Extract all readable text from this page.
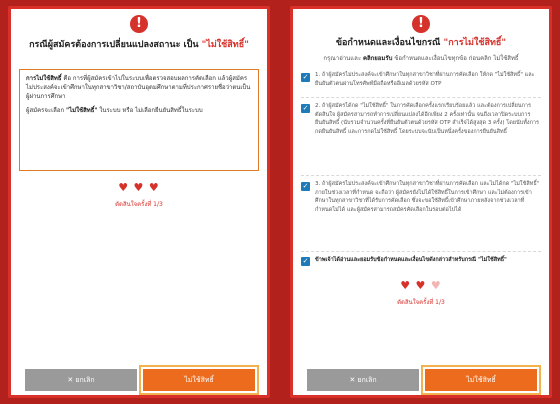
!
กรณีผู้สมัครต้องการเปลี่ยนแปลงสถานะ เป็น "ไม่ใช้สิทธิ์"

การไม่ใช้สิทธิ์ คือ การที่ผู้สมัครเข้าไปในระบบเพื่อตรวจสอบผลการคัดเลือก แล้วผู้สมัครไม่ประสงค์จะเข้าศึกษาในทุกสาขาวิชา/สถาบันอุดมศึกษาตามที่ประกาศรายชื่อว่าตนเป็นผู้ผ่านการศึกษา

ผู้สมัครจะเลือก "ไม่ใช้สิทธิ์" ในระบบ หรือ ไม่เลือกยืนยันสิทธิ์ในระบบ

♥ ♥ ♥
ตัดสินใจครั้งที่ 1/3
✕ ยกเลิก	ไม่ใช้สิทธิ์
!
ข้อกำหนดและเงื่อนไขกรณี "การไม่ใช้สิทธิ์"
กรุณาอ่านและ คลิกยอมรับ ข้อกำหนดและเงื่อนไขทุกข้อ ก่อนคลิก ไม่ใช้สิทธิ์
✓ 1. ถ้าผู้สมัครไม่ประสงค์จะเข้าศึกษาในทุกสาขาวิชาที่ผ่านการคัดเลือก ให้กด "ไม่ใช้สิทธิ์" และยืนยันตัวตนผ่านโทรศัพท์มือถือหรืออีเมลด้วยรหัส OTP
✓ 2. ถ้าผู้สมัครได้กด "ไม่ใช้สิทธิ์" ในการคัดเลือกครั้งแรกเรียบร้อยแล้ว และต้องการเปลี่ยนการตัดสินใจ ผู้สมัครสามารถทำการเปลี่ยนแปลงได้อีกเพียง 2 ครั้งเท่านั้น จนถึงเวลาปิดระบบการยืนยันสิทธิ์ (นับรวมจำนวนครั้งที่ยืนยันตัวตนด้วยรหัส OTP สำเร็จได้สูงสุด 3 ครั้ง) โดยนับทั้งการกดยืนยันสิทธิ์ และการกดไม่ใช้สิทธิ์ โดยระบบจะนับเป็นหนึ่งครั้งของการยืนยันสิทธิ์
✓ 3. ถ้าผู้สมัครไม่ประสงค์จะเข้าศึกษาในทุกสาขาวิชาที่ผ่านการคัดเลือก และไม่ได้กด "ไม่ใช้สิทธิ์" ภายในช่วงเวลาที่กำหนด จะถือว่า ผู้สมัครยังไม่ได้ใช้สิทธิ์ในการเข้าศึกษา และไม่ต้องการเข้าศึกษาในทุกสาขาวิชาที่ได้รับการคัดเลือก ซึ่งจะขอใช้สิทธิ์เข้าศึกษาภายหลังจากช่วงเวลาที่กำหนดไม่ได้ และผู้สมัครสามารถสมัครคัดเลือกในรอบต่อไปได้
✓ ข้าพเจ้าได้อ่านและยอมรับข้อกำหนดและเงื่อนไขดังกล่าวสำหรับกรณี "ไม่ใช้สิทธิ์"
♥ ♥ ♥
ตัดสินใจครั้งที่ 1/3
✕ ยกเลิก	ไม่ใช้สิทธิ์
